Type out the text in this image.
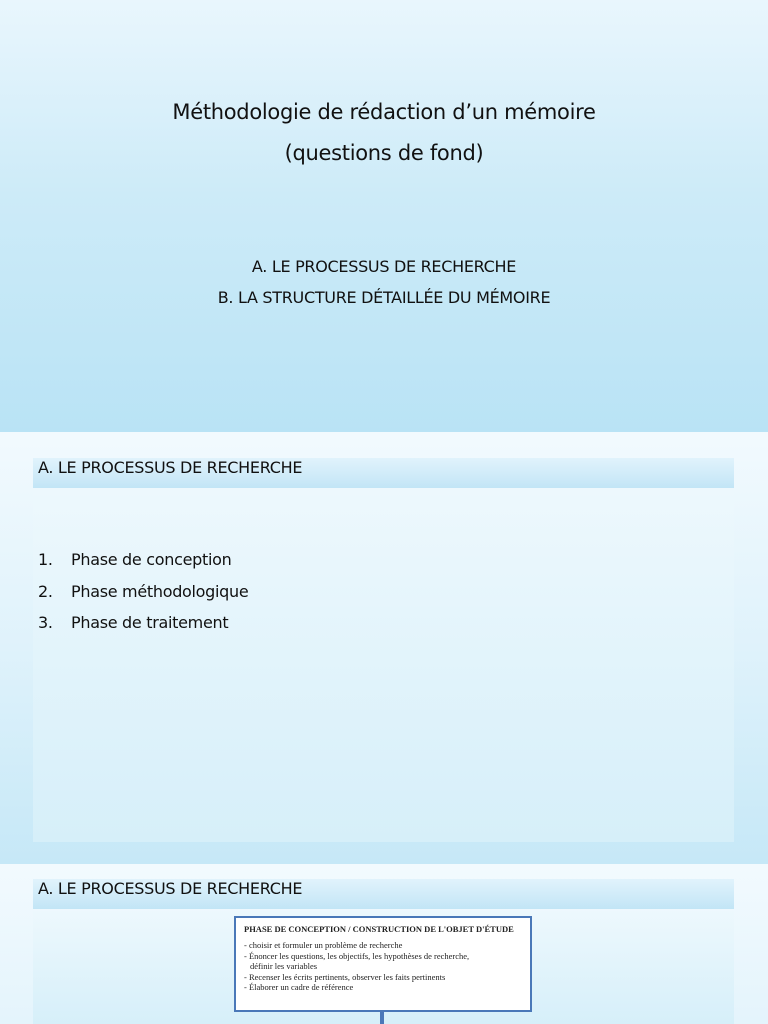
Méthodologie de rédaction d’un mémoire
(questions de fond)
A. LE PROCESSUS DE RECHERCHE
B. LA STRUCTURE DÉTAILLÉE DU MÉMOIRE
A. LE PROCESSUS DE RECHERCHE
1. Phase de conception
2. Phase méthodologique
3. Phase de traitement
A. LE PROCESSUS DE RECHERCHE
PHASE DE CONCEPTION / CONSTRUCTION DE L'OBJET D'ÉTUDE
- choisir et formuler un problème de recherche
- Énoncer les questions, les objectifs, les hypothèses de recherche,
définir les variables
- Recenser les écrits pertinents, observer les faits pertinents
- Élaborer un cadre de référence
